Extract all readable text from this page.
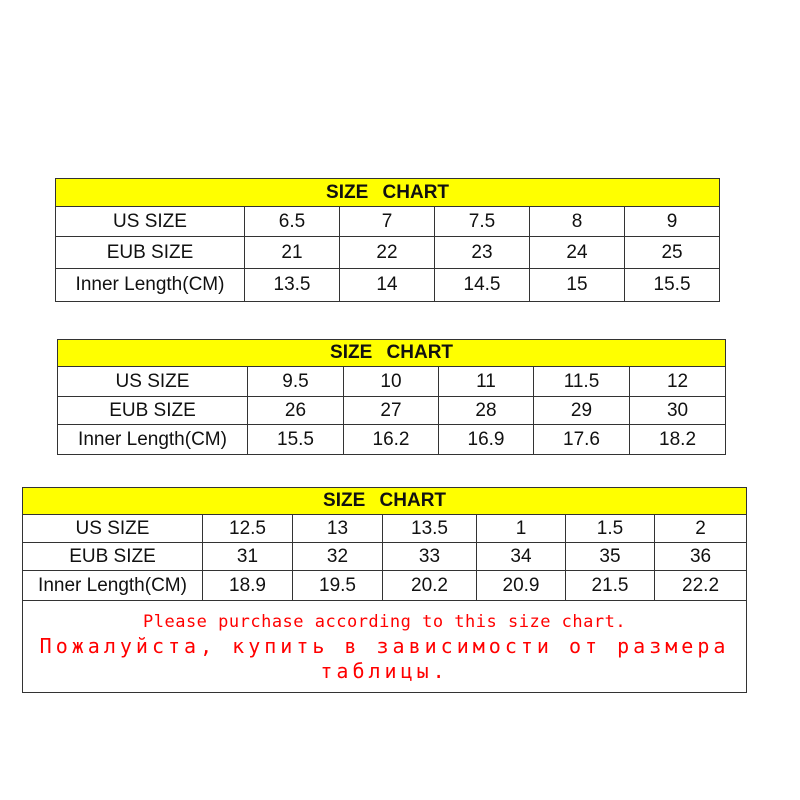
SIZE CHART					
US SIZE	6.5	7	7.5	8	9
EUB SIZE	21	22	23	24	25
Inner Length(CM)	13.5	14	14.5	15	15.5
SIZE CHART					
US SIZE	9.5	10	11	11.5	12
EUB SIZE	26	27	28	29	30
Inner Length(CM)	15.5	16.2	16.9	17.6	18.2
SIZE CHART						
US SIZE	12.5	13	13.5	1	1.5	2
EUB SIZE	31	32	33	34	35	36
Inner Length(CM)	18.9	19.5	20.2	20.9	21.5	22.2

Please purchase according to this size chart.
Пожалуйста, купить в зависимости от размера таблицы.						
